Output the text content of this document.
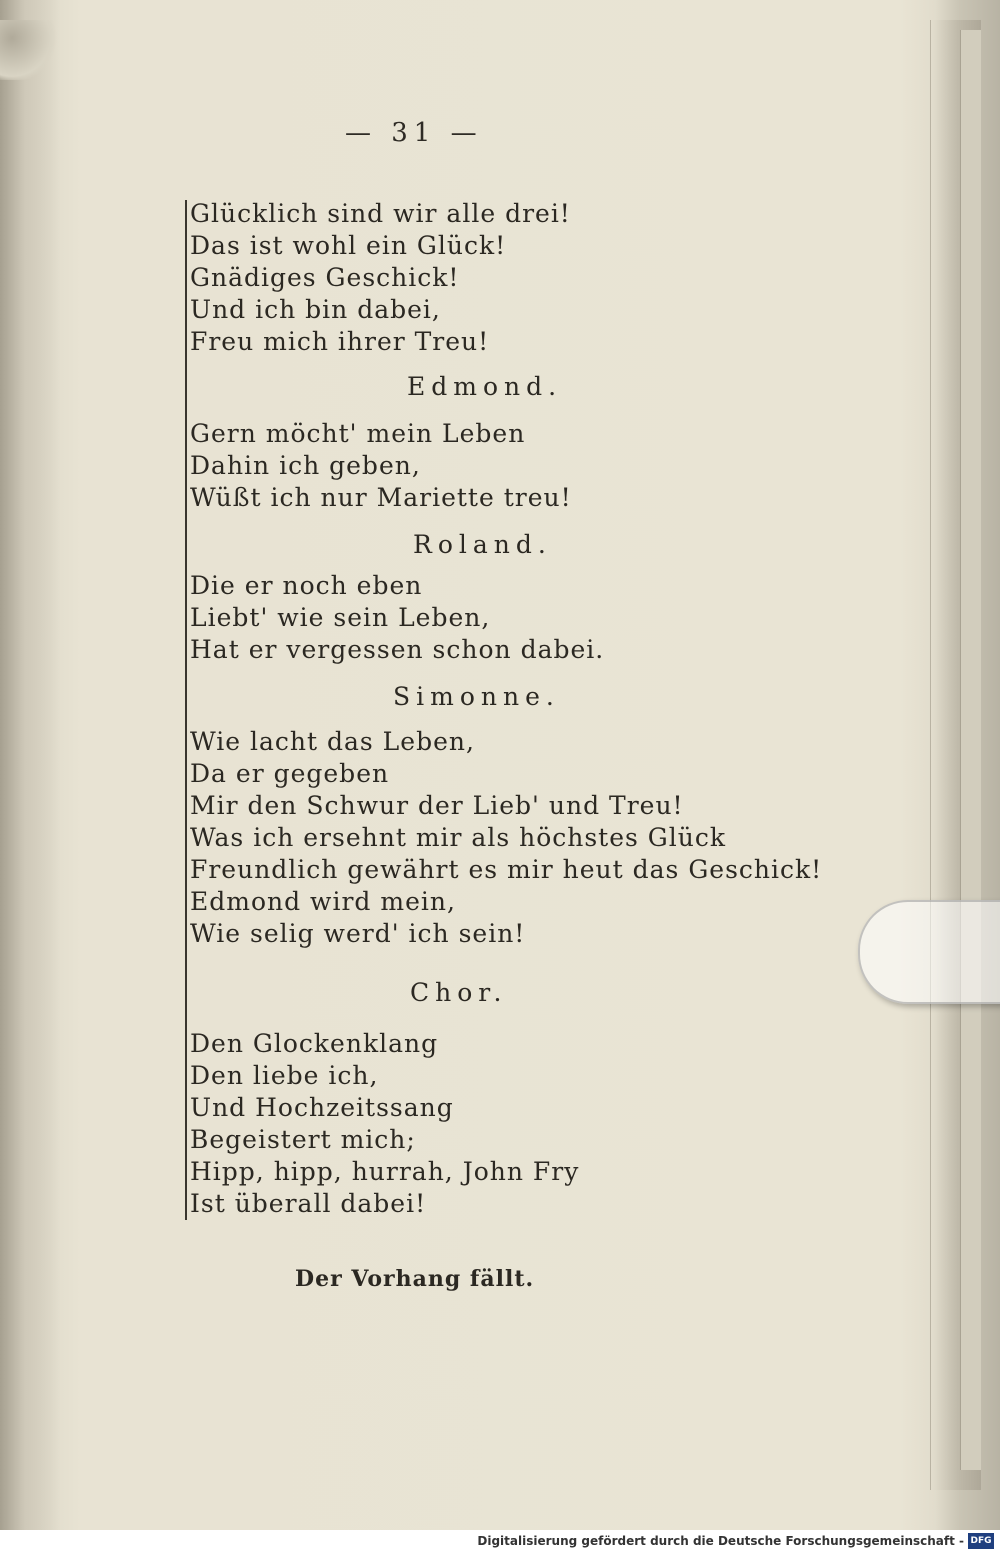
— 31 —
Glücklich sind wir alle drei!
Das ist wohl ein Glück!
Gnädiges Geschick!
Und ich bin dabei,
Freu mich ihrer Treu!
Edmond.
Gern möcht' mein Leben
Dahin ich geben,
Wüßt ich nur Mariette treu!
Roland.
Die er noch eben
Liebt' wie sein Leben,
Hat er vergessen schon dabei.
Simonne.
Wie lacht das Leben,
Da er gegeben
Mir den Schwur der Lieb' und Treu!
Was ich ersehnt mir als höchstes Glück
Freundlich gewährt es mir heut das Geschick!
Edmond wird mein,
Wie selig werd' ich sein!
Chor.
Den Glockenklang
Den liebe ich,
Und Hochzeitssang
Begeistert mich;
Hipp, hipp, hurrah, John Fry
Ist überall dabei!
Der Vorhang fällt.
Digitalisierung gefördert durch die Deutsche Forschungsgemeinschaft - DFG
